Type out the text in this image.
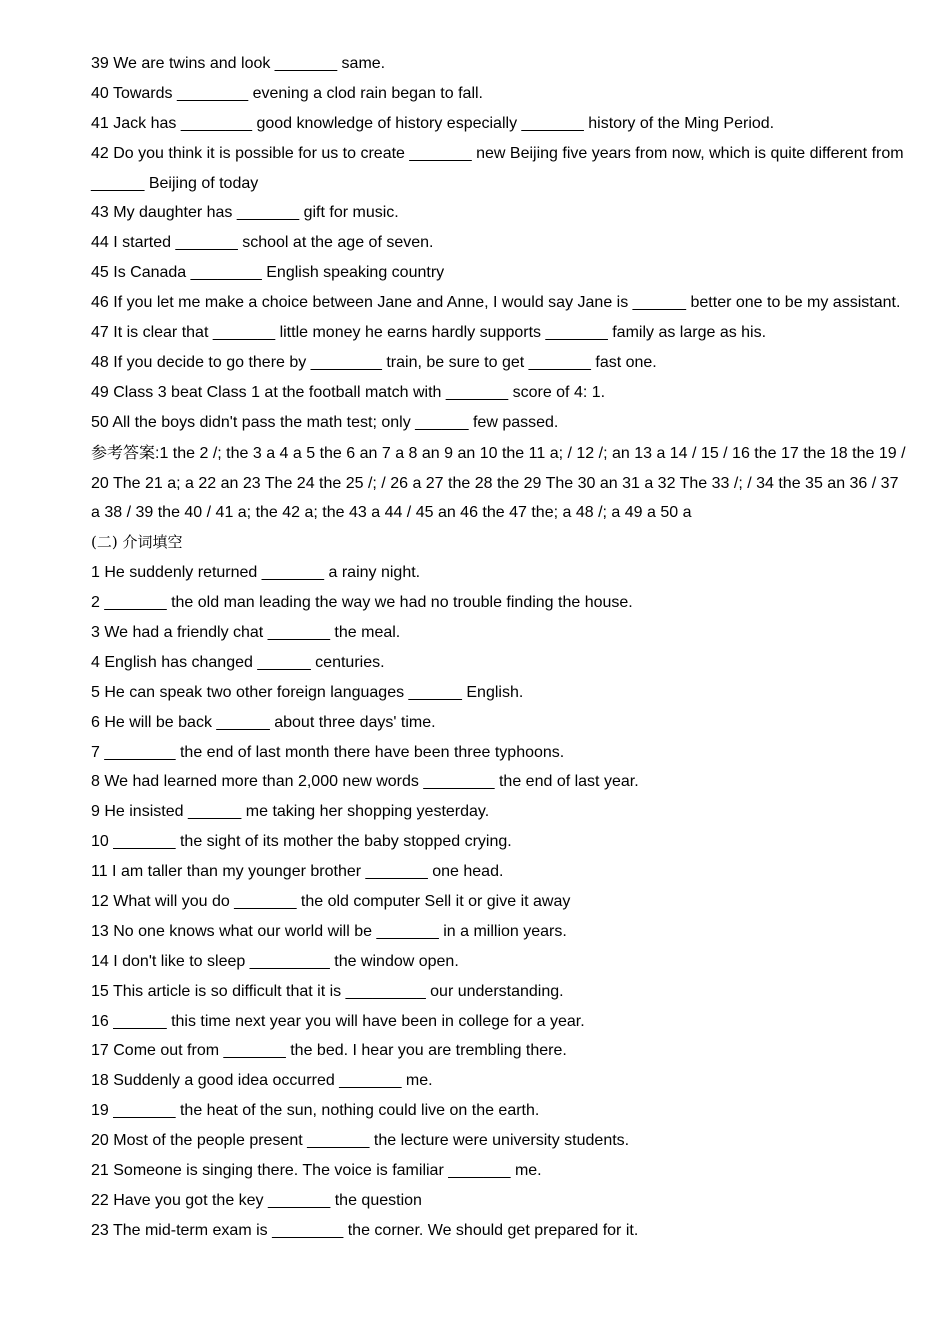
39 We are twins and look _______ same.
40 Towards ________ evening a clod rain began to fall.
41 Jack has ________ good knowledge of history especially _______ history of the Ming Period.
42 Do you think it is possible for us to create _______ new Beijing five years from now, which is quite different from ______ Beijing of today
43 My daughter has _______ gift for music.
44 I started _______ school at the age of seven.
45 Is Canada ________ English speaking country
46 If you let me make a choice between Jane and Anne, I would say Jane is ______ better one to be my assistant.
47 It is clear that _______ little money he earns hardly supports _______ family as large as his.
48 If you decide to go there by ________ train, be sure to get _______ fast one.
49 Class 3 beat Class 1 at the football match with _______ score of 4: 1.
50 All the boys didn't pass the math test; only ______ few passed.
参考答案:1 the 2 /; the 3 a 4 a 5 the 6 an 7 a 8 an 9 an 10 the 11 a; / 12 /; an 13 a 14 / 15 / 16 the 17 the 18 the 19 / 20 The 21 a; a 22 an 23 The 24 the 25 /; / 26 a 27 the 28 the 29 The 30 an 31 a 32 The 33 /; / 34 the 35 an 36 / 37 a 38 / 39 the 40 / 41 a; the 42 a; the 43 a 44 / 45 an 46 the 47 the; a 48 /; a 49 a 50 a
(二) 介词填空
1 He suddenly returned _______ a rainy night.
2 _______ the old man leading the way we had no trouble finding the house.
3 We had a friendly chat _______ the meal.
4 English has changed ______ centuries.
5 He can speak two other foreign languages ______ English.
6 He will be back ______ about three days' time.
7 ________ the end of last month there have been three typhoons.
8 We had learned more than 2,000 new words ________ the end of last year.
9 He insisted ______ me taking her shopping yesterday.
10 _______ the sight of its mother the baby stopped crying.
11 I am taller than my younger brother _______ one head.
12 What will you do _______ the old computer Sell it or give it away
13 No one knows what our world will be _______ in a million years.
14 I don't like to sleep _________ the window open.
15 This article is so difficult that it is _________ our understanding.
16 ______ this time next year you will have been in college for a year.
17 Come out from _______ the bed. I hear you are trembling there.
18 Suddenly a good idea occurred _______ me.
19 _______ the heat of the sun, nothing could live on the earth.
20 Most of the people present _______ the lecture were university students.
21 Someone is singing there. The voice is familiar _______ me.
22 Have you got the key _______ the question
23 The mid-term exam is ________ the corner. We should get prepared for it.
